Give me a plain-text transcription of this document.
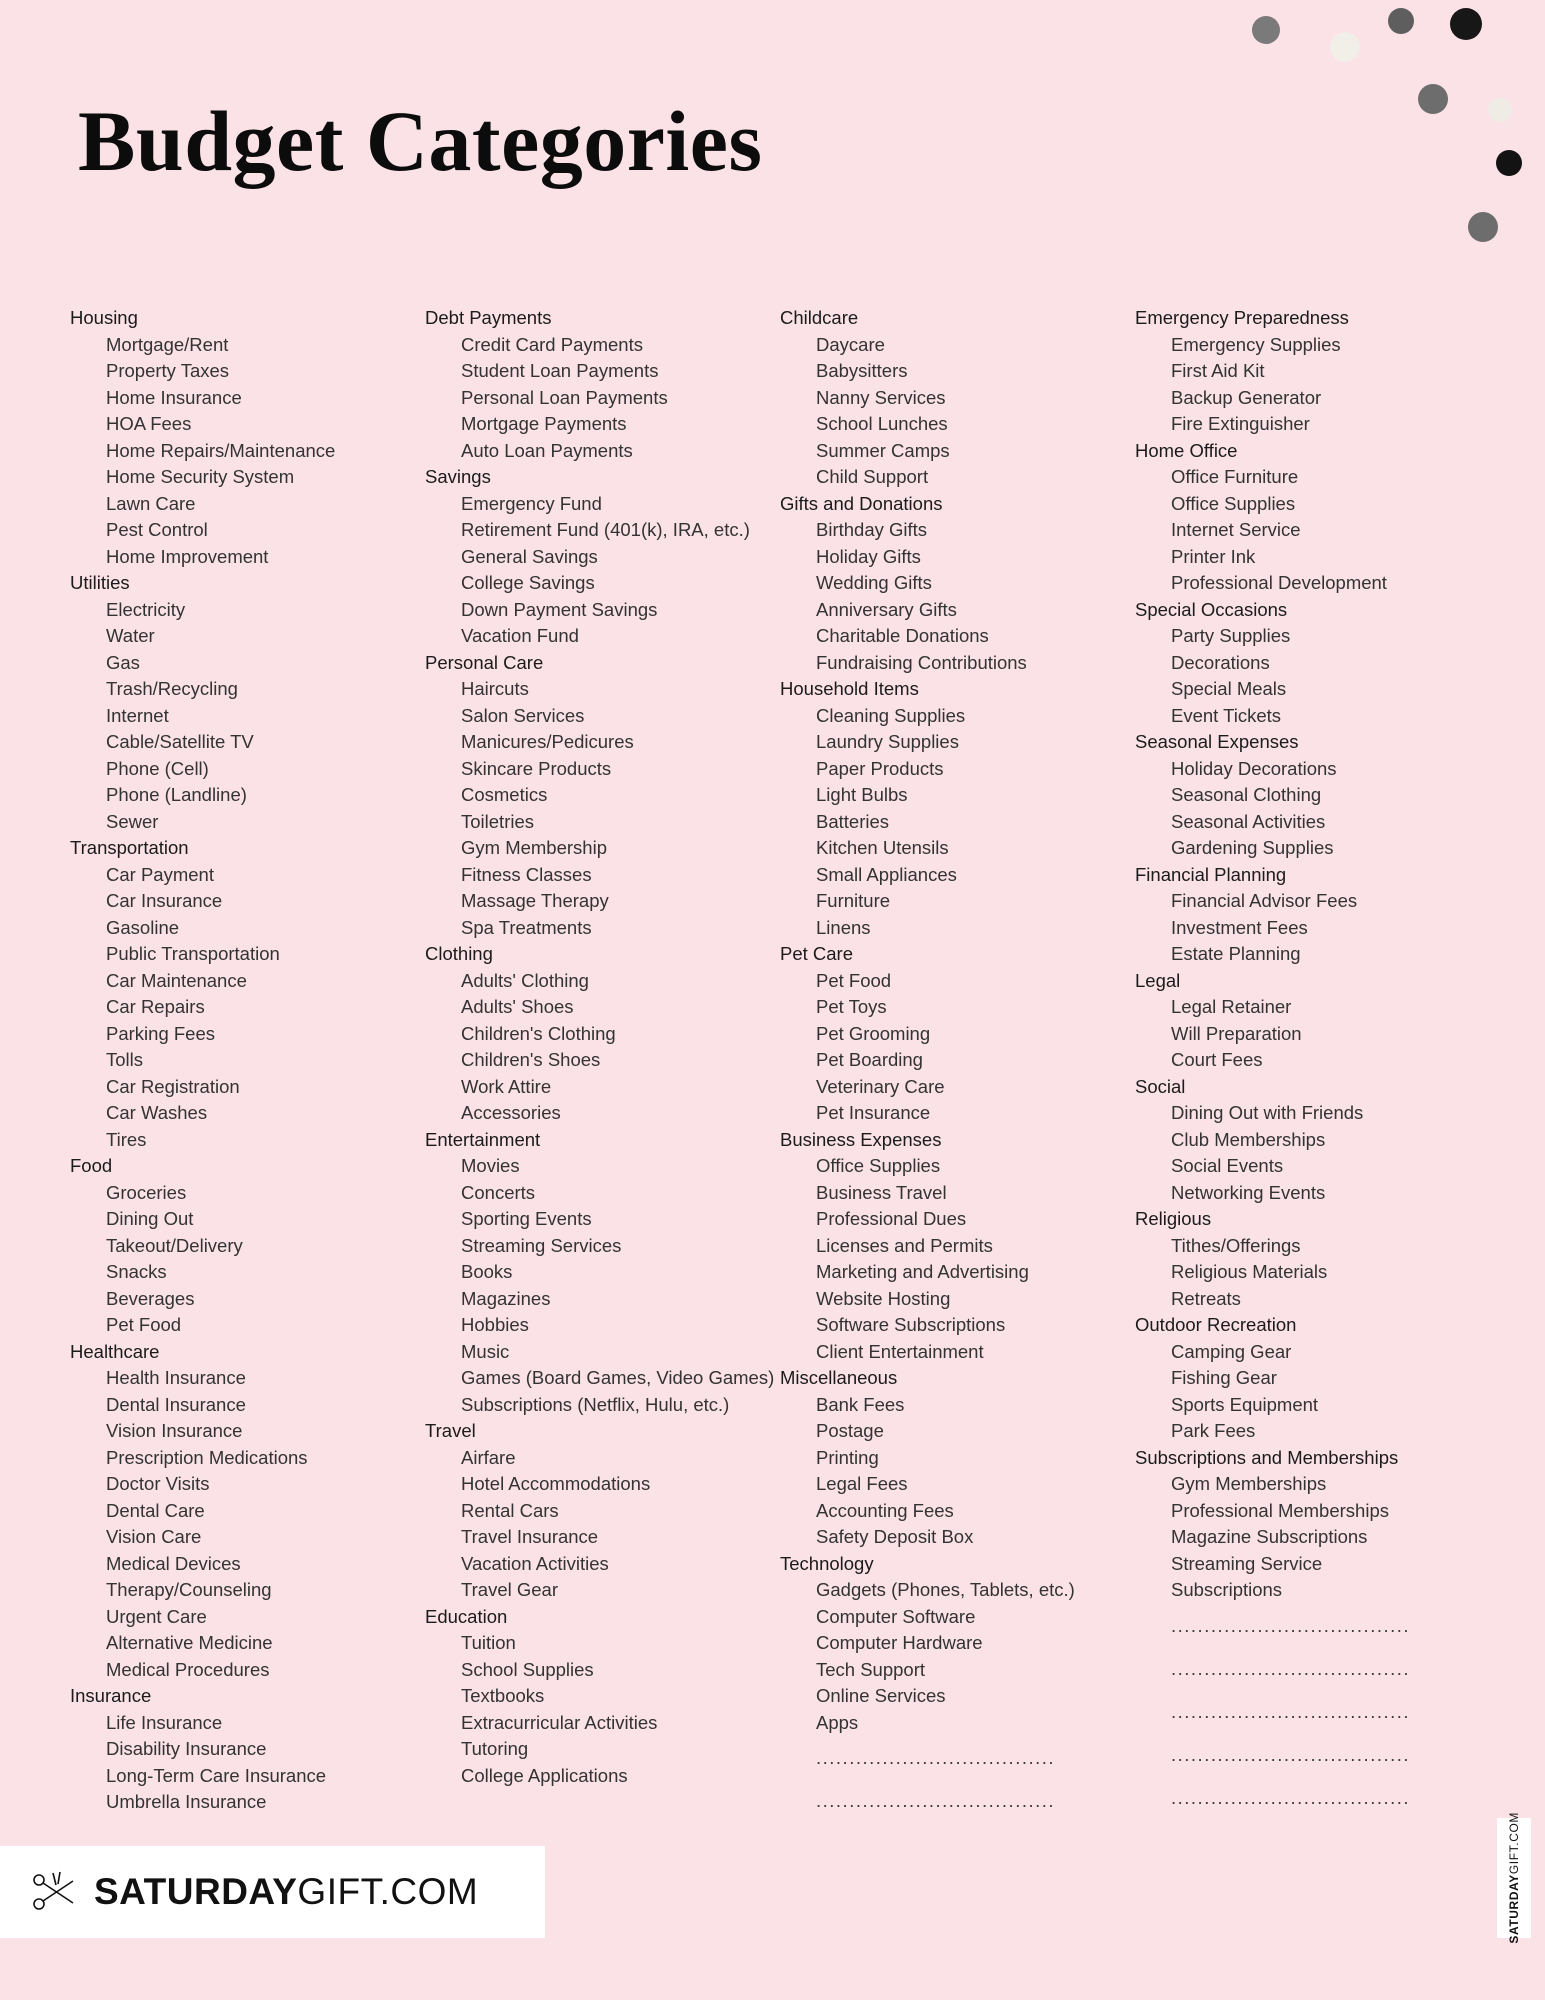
Budget Categories
Housing
Mortgage/Rent
Property Taxes
Home Insurance
HOA Fees
Home Repairs/Maintenance
Home Security System
Lawn Care
Pest Control
Home Improvement
Utilities
Electricity
Water
Gas
Trash/Recycling
Internet
Cable/Satellite TV
Phone (Cell)
Phone (Landline)
Sewer
Transportation
Car Payment
Car Insurance
Gasoline
Public Transportation
Car Maintenance
Car Repairs
Parking Fees
Tolls
Car Registration
Car Washes
Tires
Food
Groceries
Dining Out
Takeout/Delivery
Snacks
Beverages
Pet Food
Healthcare
Health Insurance
Dental Insurance
Vision Insurance
Prescription Medications
Doctor Visits
Dental Care
Vision Care
Medical Devices
Therapy/Counseling
Urgent Care
Alternative Medicine
Medical Procedures
Insurance
Life Insurance
Disability Insurance
Long-Term Care Insurance
Umbrella Insurance
Debt Payments
Credit Card Payments
Student Loan Payments
Personal Loan Payments
Mortgage Payments
Auto Loan Payments
Savings
Emergency Fund
Retirement Fund (401(k), IRA, etc.)
General Savings
College Savings
Down Payment Savings
Vacation Fund
Personal Care
Haircuts
Salon Services
Manicures/Pedicures
Skincare Products
Cosmetics
Toiletries
Gym Membership
Fitness Classes
Massage Therapy
Spa Treatments
Clothing
Adults' Clothing
Adults' Shoes
Children's Clothing
Children's Shoes
Work Attire
Accessories
Entertainment
Movies
Concerts
Sporting Events
Streaming Services
Books
Magazines
Hobbies
Music
Games (Board Games, Video Games)
Subscriptions (Netflix, Hulu, etc.)
Travel
Airfare
Hotel Accommodations
Rental Cars
Travel Insurance
Vacation Activities
Travel Gear
Education
Tuition
School Supplies
Textbooks
Extracurricular Activities
Tutoring
College Applications
Childcare
Daycare
Babysitters
Nanny Services
School Lunches
Summer Camps
Child Support
Gifts and Donations
Birthday Gifts
Holiday Gifts
Wedding Gifts
Anniversary Gifts
Charitable Donations
Fundraising Contributions
Household Items
Cleaning Supplies
Laundry Supplies
Paper Products
Light Bulbs
Batteries
Kitchen Utensils
Small Appliances
Furniture
Linens
Pet Care
Pet Food
Pet Toys
Pet Grooming
Pet Boarding
Veterinary Care
Pet Insurance
Business Expenses
Office Supplies
Business Travel
Professional Dues
Licenses and Permits
Marketing and Advertising
Website Hosting
Software Subscriptions
Client Entertainment
Miscellaneous
Bank Fees
Postage
Printing
Legal Fees
Accounting Fees
Safety Deposit Box
Technology
Gadgets (Phones, Tablets, etc.)
Computer Software
Computer Hardware
Tech Support
Online Services
Apps
....................................
....................................
Emergency Preparedness
Emergency Supplies
First Aid Kit
Backup Generator
Fire Extinguisher
Home Office
Office Furniture
Office Supplies
Internet Service
Printer Ink
Professional Development
Special Occasions
Party Supplies
Decorations
Special Meals
Event Tickets
Seasonal Expenses
Holiday Decorations
Seasonal Clothing
Seasonal Activities
Gardening Supplies
Financial Planning
Financial Advisor Fees
Investment Fees
Estate Planning
Legal
Legal Retainer
Will Preparation
Court Fees
Social
Dining Out with Friends
Club Memberships
Social Events
Networking Events
Religious
Tithes/Offerings
Religious Materials
Retreats
Outdoor Recreation
Camping Gear
Fishing Gear
Sports Equipment
Park Fees
Subscriptions and Memberships
Gym Memberships
Professional Memberships
Magazine Subscriptions
Streaming Service
Subscriptions
....................................
....................................
....................................
....................................
....................................
SATURDAYGIFT.COM	SATURDAYGIFT.COM
